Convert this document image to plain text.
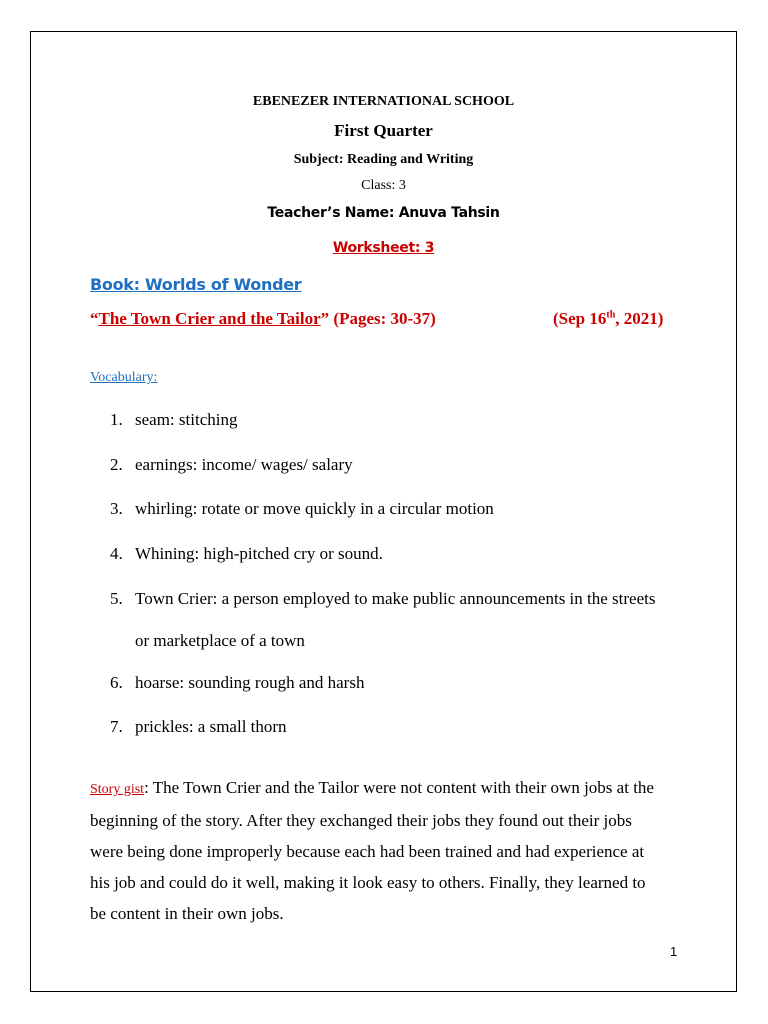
EBENEZER INTERNATIONAL SCHOOL
First Quarter
Subject: Reading and Writing
Class: 3
Teacher’s Name: Anuva Tahsin
Worksheet: 3
Book: Worlds of Wonder
“The Town Crier and the Tailor” (Pages: 30-37)	(Sep 16th, 2021)
Vocabulary:
1. seam: stitching
2. earnings: income/ wages/ salary
3. whirling: rotate or move quickly in a circular motion
4. Whining: high-pitched cry or sound.
5. Town Crier: a person employed to make public announcements in the streets
or marketplace of a town
6. hoarse: sounding rough and harsh
7. prickles: a small thorn
Story gist: The Town Crier and the Tailor were not content with their own jobs at the
beginning of the story. After they exchanged their jobs they found out their jobs
were being done improperly because each had been trained and had experience at
his job and could do it well, making it look easy to others. Finally, they learned to
be content in their own jobs.
1
